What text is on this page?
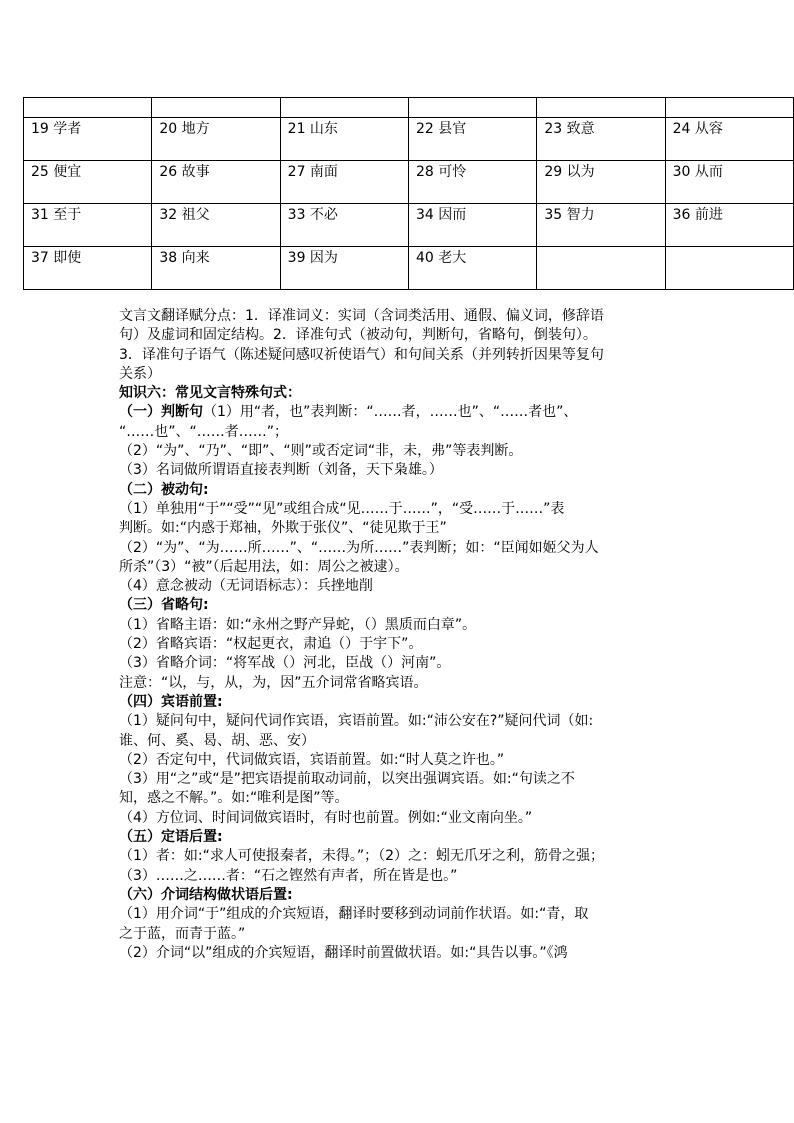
19 学者	20 地方	21 山东	22 县官	23 致意	24 从容
25 便宜	26 故事	27 南面	28 可怜	29 以为	30 从而
31 至于	32 祖父	33 不必	34 因而	35 智力	36 前进
37 即使	38 向来	39 因为	40 老大		

文言文翻译赋分点：1．译准词义：实词（含词类活用、通假、偏义词，修辞语

句）及虚词和固定结构。2．译准句式（被动句，判断句，省略句，倒装句）。

3．译准句子语气（陈述疑问感叹祈使语气）和句间关系（并列转折因果等复句

关系）

知识六：常见文言特殊句式：

（一）判断句（1）用“者，也”表判断：“……者，……也”、“……者也”、

“……也”、“……者……”；

（2）“为”、“乃”、“即”、“则”或否定词“非，未，弗”等表判断。

（3）名词做所谓语直接表判断（刘备，天下枭雄。）

（二）被动句:

（1）单独用“于”“受”“见”或组合成“见……于……”，“受……于……”表

判断。如:“内惑于郑袖，外欺于张仪”、“徒见欺于王”

（2）“为”、“为……所……”、“……为所……”表判断；如：“臣闻如姬父为人

所杀”（3）“被”（后起用法，如：周公之被逮）。

（4）意念被动（无词语标志）：兵挫地削

（三）省略句:

（1）省略主语：如:“永州之野产异蛇，（）黑质而白章”。

（2）省略宾语：“权起更衣，肃追（）于宇下”。

（3）省略介词：“将军战（）河北，臣战（）河南”。

注意：“以，与，从，为，因”五介词常省略宾语。

（四）宾语前置:

（1）疑问句中，疑问代词作宾语，宾语前置。如:“沛公安在?”疑问代词（如:

谁、何、奚、曷、胡、恶、安）

（2）否定句中，代词做宾语，宾语前置。如:“时人莫之许也。”

（3）用“之”或“是”把宾语提前取动词前，以突出强调宾语。如:“句读之不

知，惑之不解。”。如:“唯利是图”等。

（4）方位词、时间词做宾语时，有时也前置。例如:“业文南向坐。”

（五）定语后置:

（1）者：如:“求人可使报秦者，未得。”；（2）之：蚓无爪牙之利，筋骨之强；

（3）……之……者：“石之铿然有声者，所在皆是也。”

（六）介词结构做状语后置:

（1）用介词“于”组成的介宾短语，翻译时要移到动词前作状语。如:“青，取

之于蓝，而青于蓝。”

（2）介词“以”组成的介宾短语，翻译时前置做状语。如:“具告以事。”《鸿
